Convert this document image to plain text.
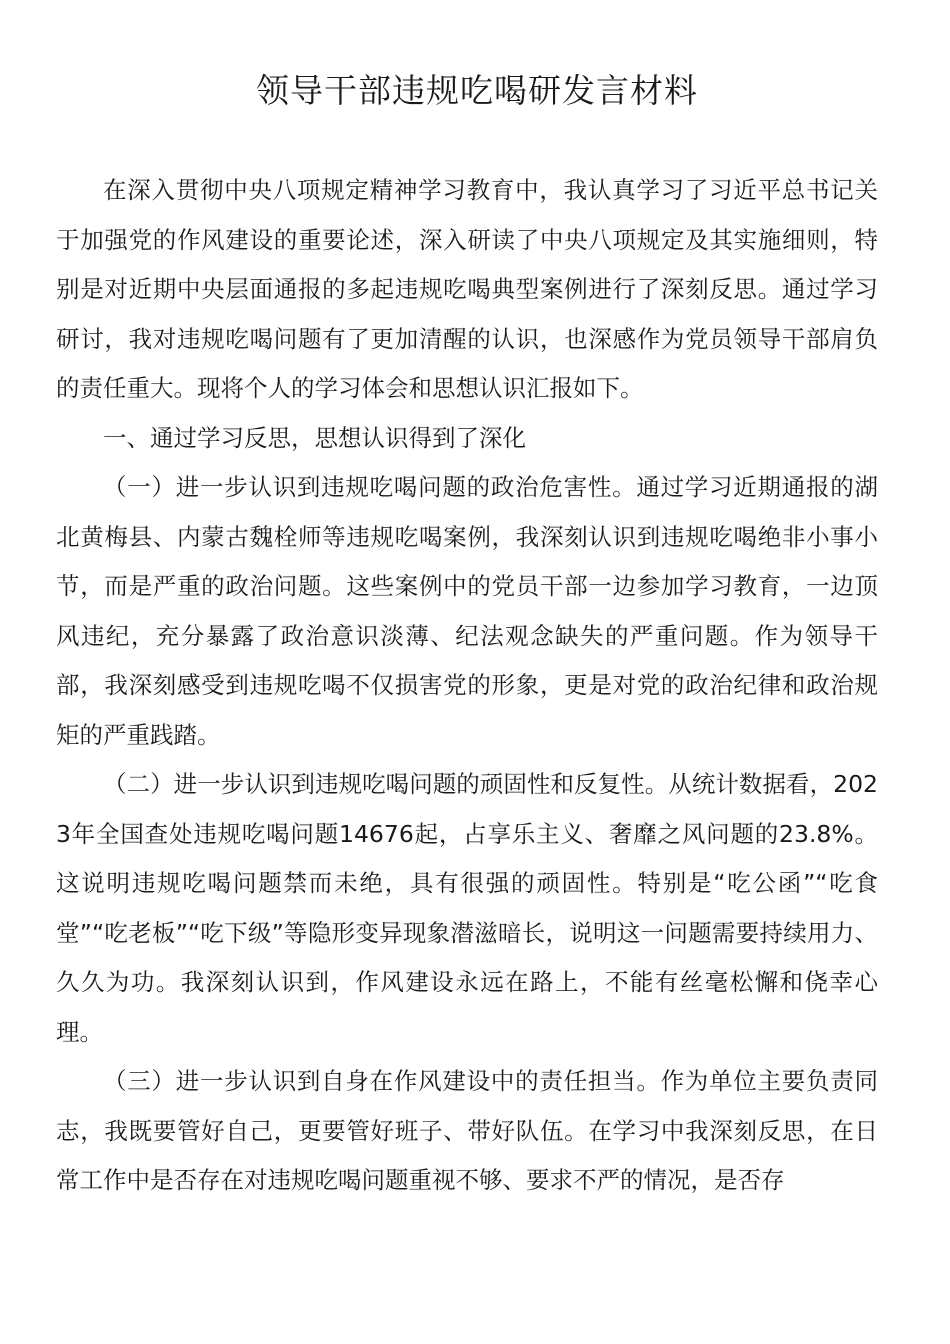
领导干部违规吃喝研发言材料

在深入贯彻中央八项规定精神学习教育中，我认真学习了习近平总书记关于加强党的作风建设的重要论述，深入研读了中央八项规定及其实施细则，特别是对近期中央层面通报的多起违规吃喝典型案例进行了深刻反思。通过学习研讨，我对违规吃喝问题有了更加清醒的认识，也深感作为党员领导干部肩负的责任重大。现将个人的学习体会和思想认识汇报如下。

一、通过学习反思，思想认识得到了深化

（一）进一步认识到违规吃喝问题的政治危害性。通过学习近期通报的湖北黄梅县、内蒙古魏栓师等违规吃喝案例，我深刻认识到违规吃喝绝非小事小节，而是严重的政治问题。这些案例中的党员干部一边参加学习教育，一边顶风违纪，充分暴露了政治意识淡薄、纪法观念缺失的严重问题。作为领导干部，我深刻感受到违规吃喝不仅损害党的形象，更是对党的政治纪律和政治规矩的严重践踏。

（二）进一步认识到违规吃喝问题的顽固性和反复性。从统计数据看，2023年全国查处违规吃喝问题14676起，占享乐主义、奢靡之风问题的23.8%。这说明违规吃喝问题禁而未绝，具有很强的顽固性。特别是“吃公函”“吃食堂”“吃老板”“吃下级”等隐形变异现象潜滋暗长，说明这一问题需要持续用力、久久为功。我深刻认识到，作风建设永远在路上，不能有丝毫松懈和侥幸心理。

（三）进一步认识到自身在作风建设中的责任担当。作为单位主要负责同志，我既要管好自己，更要管好班子、带好队伍。在学习中我深刻反思，在日常工作中是否存在对违规吃喝问题重视不够、要求不严的情况，是否存
